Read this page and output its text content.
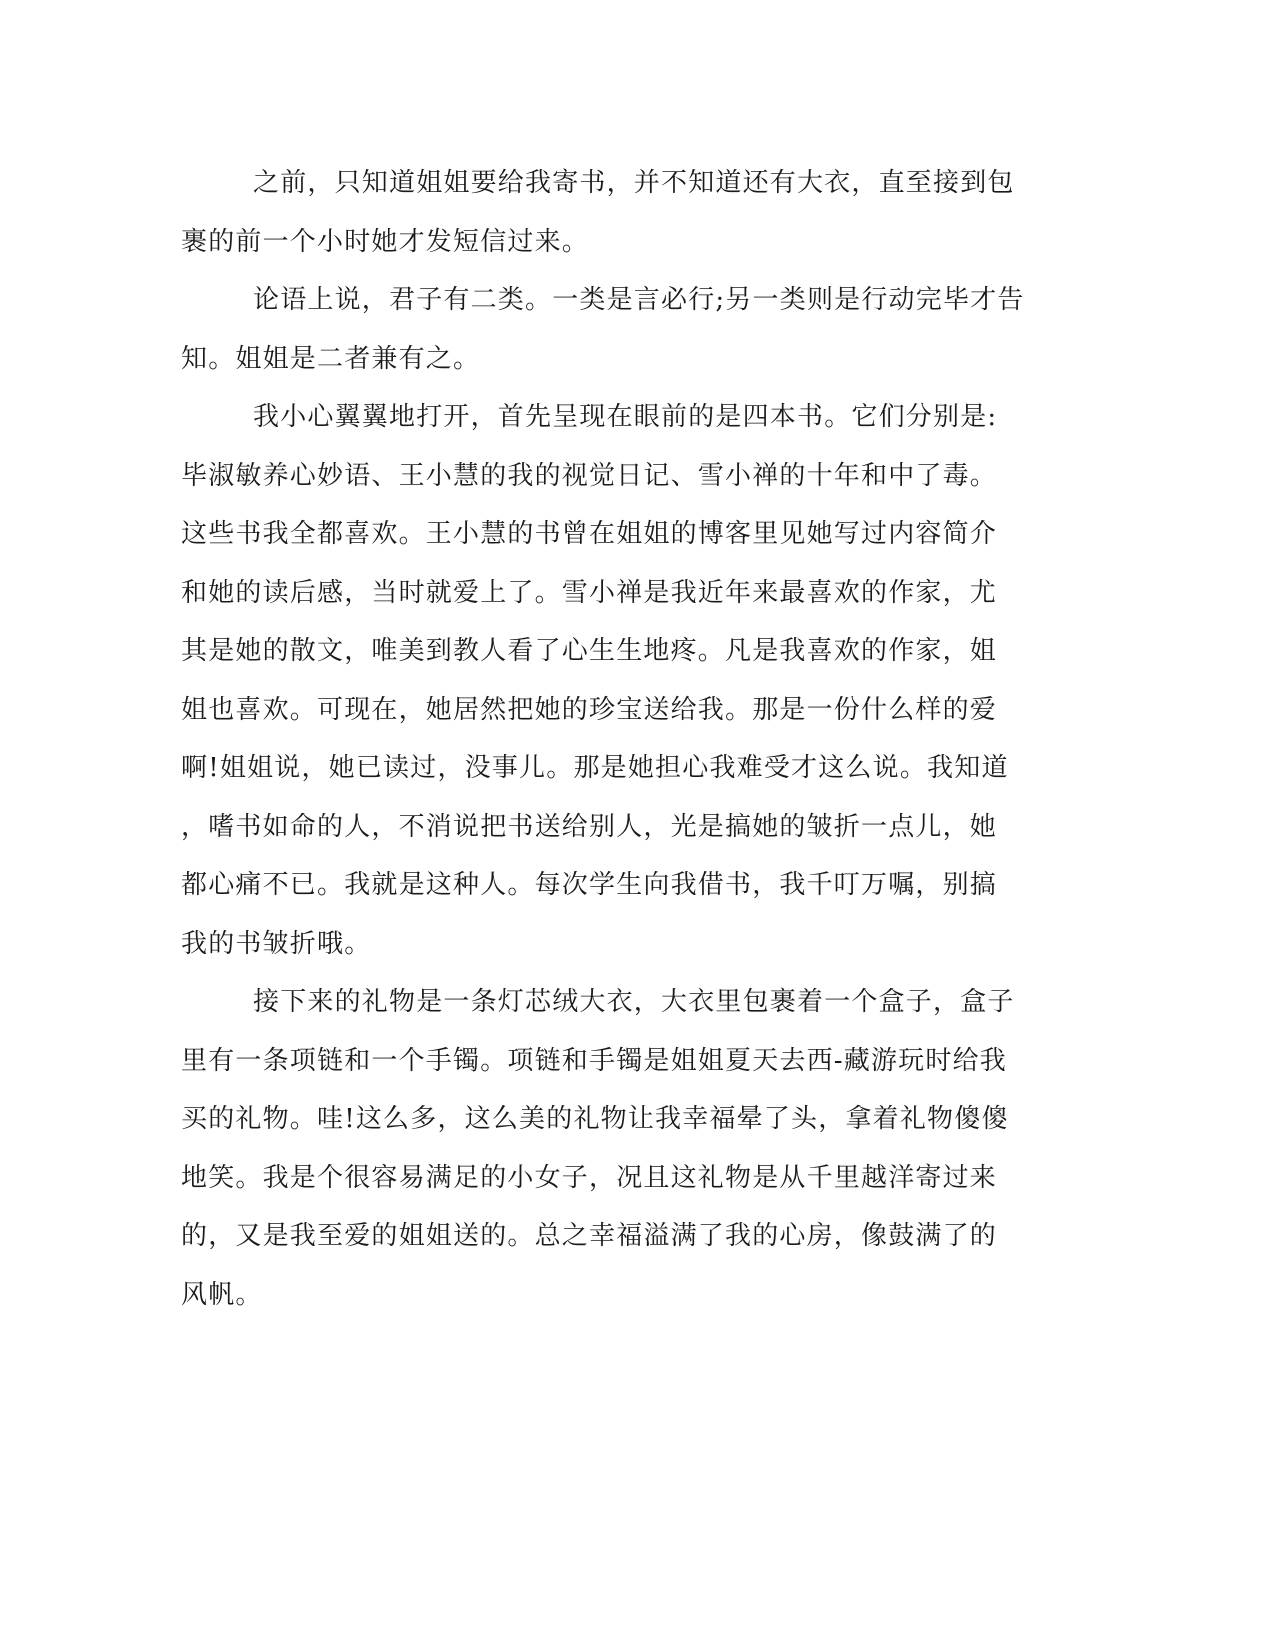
之前，只知道姐姐要给我寄书，并不知道还有大衣，直至接到包
裹的前一个小时她才发短信过来。
论语上说，君子有二类。一类是言必行;另一类则是行动完毕才告
知。姐姐是二者兼有之。
我小心翼翼地打开，首先呈现在眼前的是四本书。它们分别是:
毕淑敏养心妙语、王小慧的我的视觉日记、雪小禅的十年和中了毒。
这些书我全都喜欢。王小慧的书曾在姐姐的博客里见她写过内容简介
和她的读后感，当时就爱上了。雪小禅是我近年来最喜欢的作家，尤
其是她的散文，唯美到教人看了心生生地疼。凡是我喜欢的作家，姐
姐也喜欢。可现在，她居然把她的珍宝送给我。那是一份什么样的爱
啊!姐姐说，她已读过，没事儿。那是她担心我难受才这么说。我知道
，嗜书如命的人，不消说把书送给别人，光是搞她的皱折一点儿，她
都心痛不已。我就是这种人。每次学生向我借书，我千叮万嘱，别搞
我的书皱折哦。
接下来的礼物是一条灯芯绒大衣，大衣里包裹着一个盒子，盒子
里有一条项链和一个手镯。项链和手镯是姐姐夏天去西-藏游玩时给我
买的礼物。哇!这么多，这么美的礼物让我幸福晕了头，拿着礼物傻傻
地笑。我是个很容易满足的小女子，况且这礼物是从千里越洋寄过来
的，又是我至爱的姐姐送的。总之幸福溢满了我的心房，像鼓满了的
风帆。
